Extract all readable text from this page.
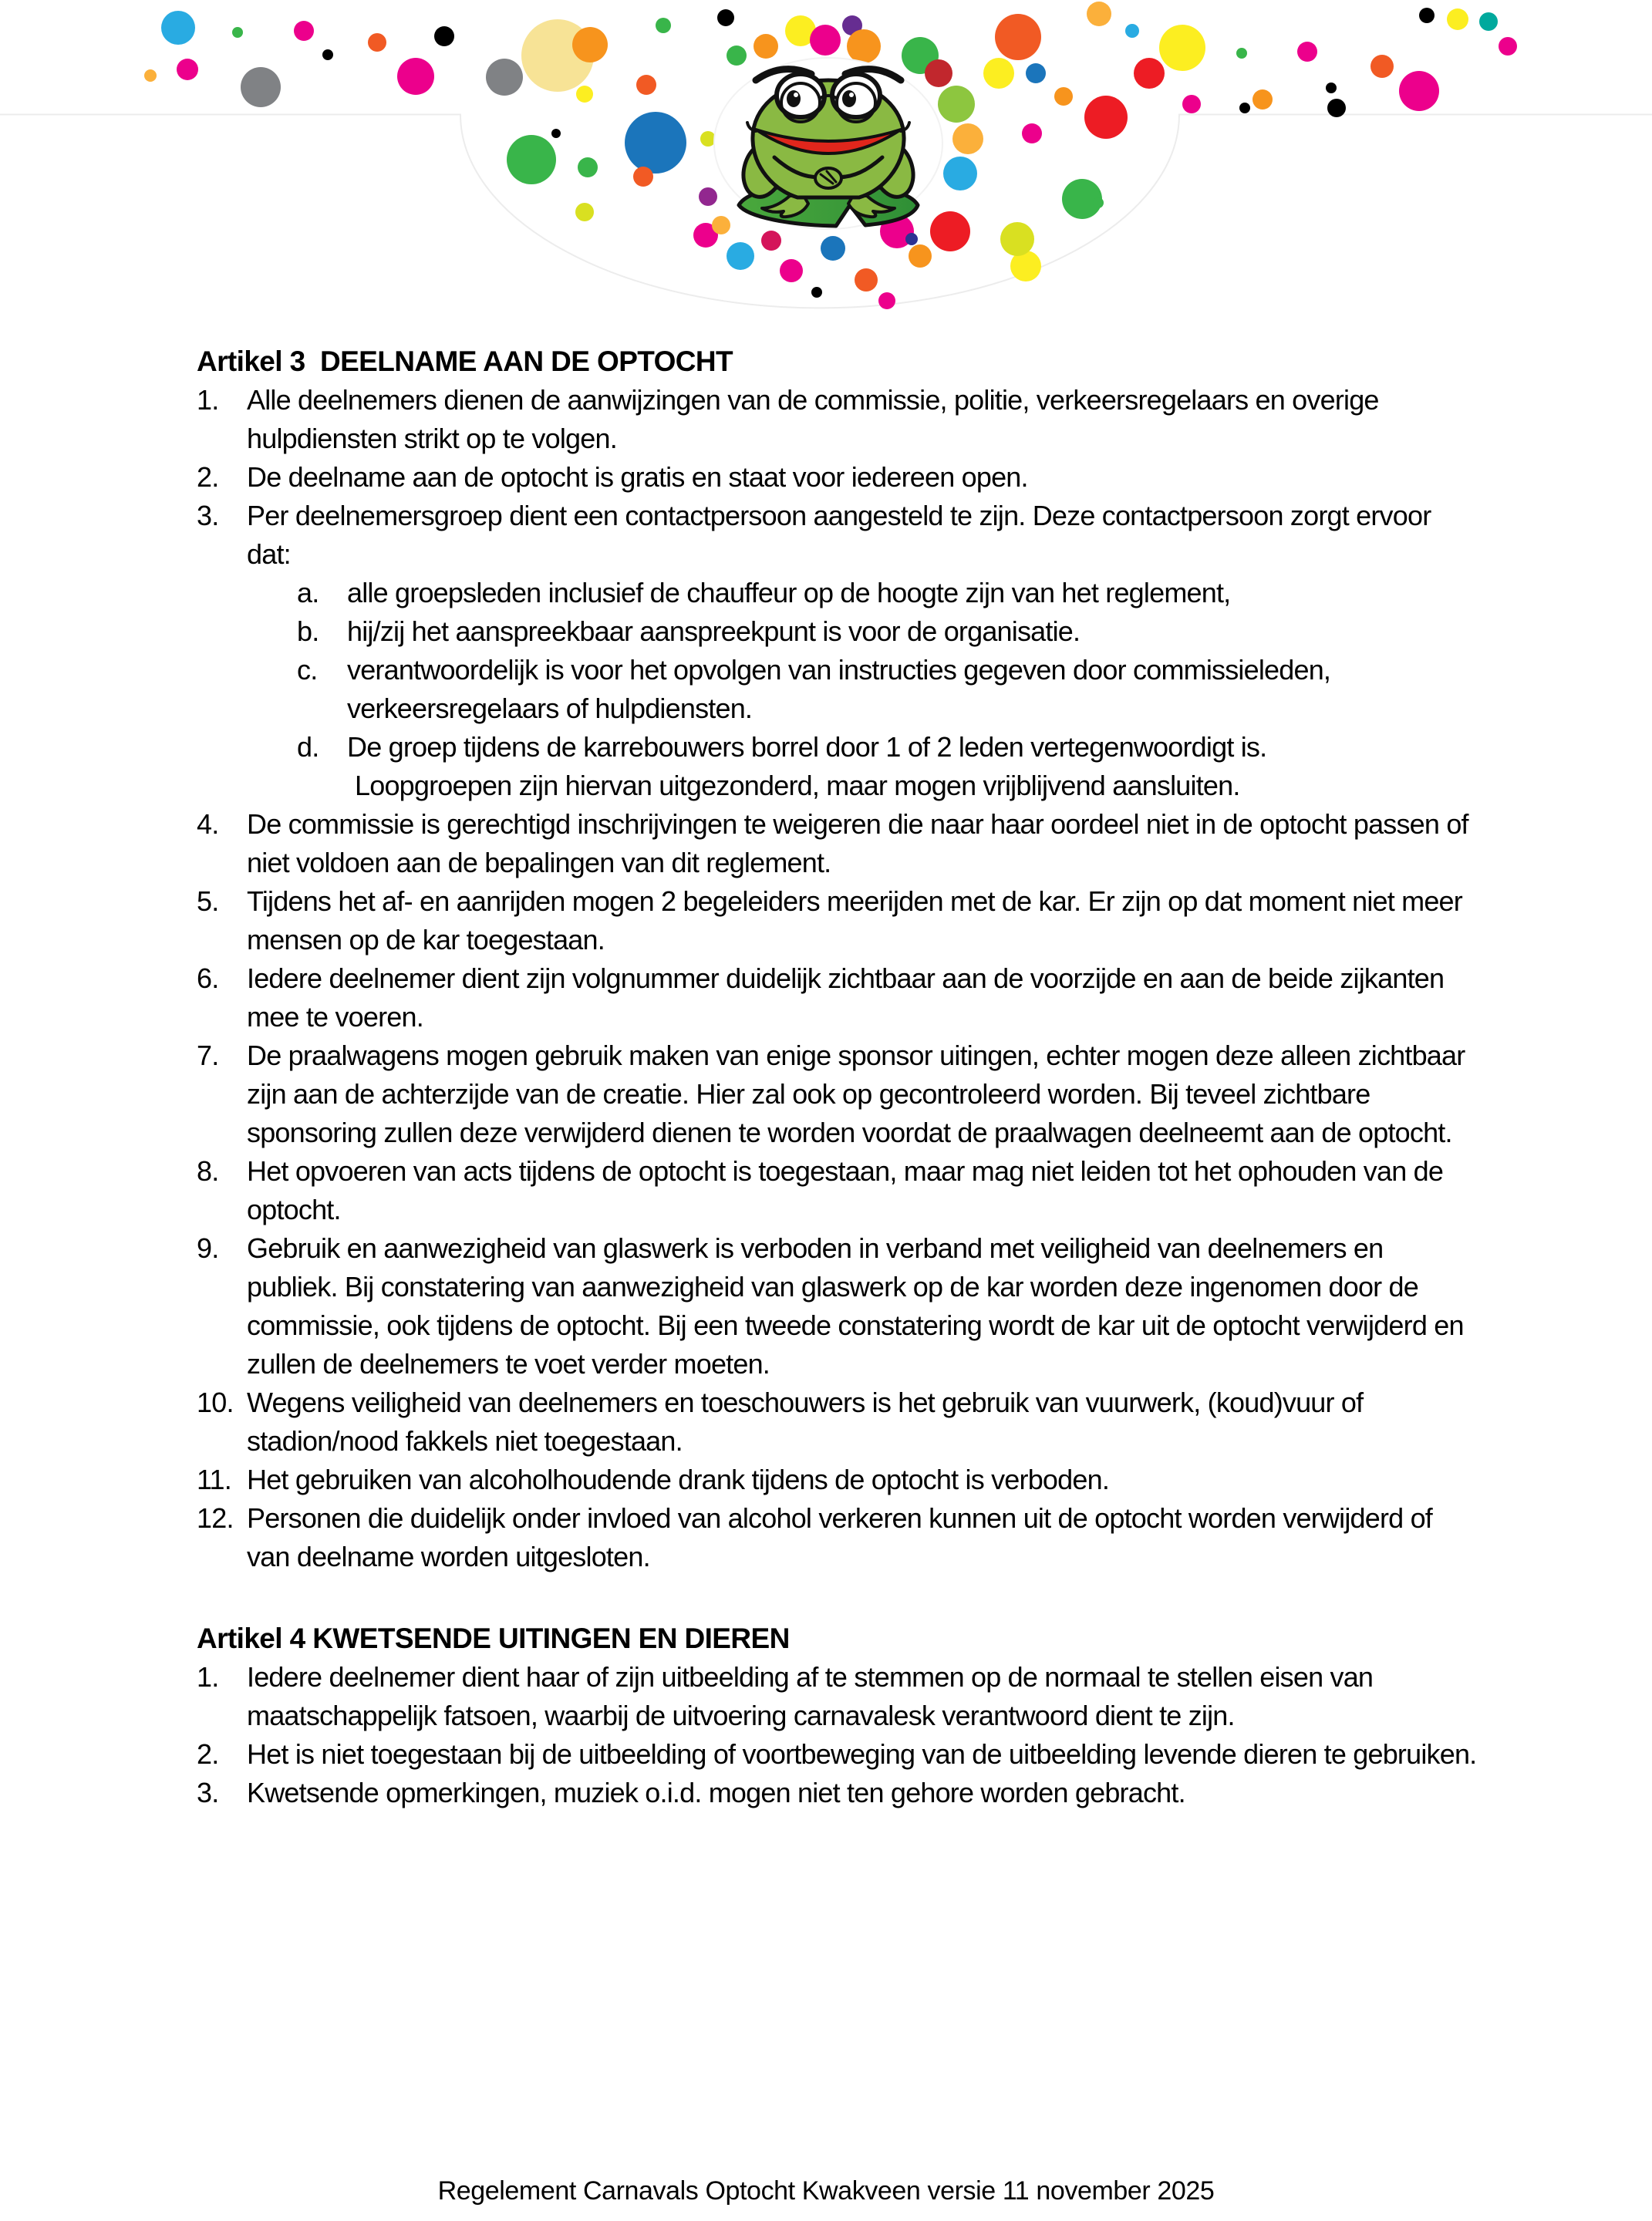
Artikel 3  DEELNAME AAN DE OPTOCHT
1.	Alle deelnemers dienen de aanwijzingen van de commissie, politie, verkeersregelaars en overige hulpdiensten strikt op te volgen.
2.	De deelname aan de optocht is gratis en staat voor iedereen open.
3.	Per deelnemersgroep dient een contactpersoon aangesteld te zijn. Deze contactpersoon zorgt ervoor dat:
a.	alle groepsleden inclusief de chauffeur op de hoogte zijn van het reglement,
b.	hij/zij het aanspreekbaar aanspreekpunt is voor de organisatie.
c.	verantwoordelijk is voor het opvolgen van instructies gegeven door commissieleden, verkeersregelaars of hulpdiensten.
d.	De groep tijdens de karrebouwers borrel door 1 of 2 leden vertegenwoordigt is.
Loopgroepen zijn hiervan uitgezonderd, maar mogen vrijblijvend aansluiten.
4.	De commissie is gerechtigd inschrijvingen te weigeren die naar haar oordeel niet in de optocht passen of niet voldoen aan de bepalingen van dit reglement.
5.	Tijdens het af- en aanrijden mogen 2 begeleiders meerijden met de kar. Er zijn op dat moment niet meer mensen op de kar toegestaan.
6.	Iedere deelnemer dient zijn volgnummer duidelijk zichtbaar aan de voorzijde en aan de beide zijkanten mee te voeren.
7.	De praalwagens mogen gebruik maken van enige sponsor uitingen, echter mogen deze alleen zichtbaar zijn aan de achterzijde van de creatie. Hier zal ook op gecontroleerd worden. Bij teveel zichtbare sponsoring zullen deze verwijderd dienen te worden voordat de praalwagen deelneemt aan de optocht.
8.	Het opvoeren van acts tijdens de optocht is toegestaan, maar mag niet leiden tot het ophouden van de optocht.
9.	Gebruik en aanwezigheid van glaswerk is verboden in verband met veiligheid van deelnemers en publiek. Bij constatering van aanwezigheid van glaswerk op de kar worden deze ingenomen door de commissie, ook tijdens de optocht. Bij een tweede constatering wordt de kar uit de optocht verwijderd en zullen de deelnemers te voet verder moeten.
10. Wegens veiligheid van deelnemers en toeschouwers is het gebruik van vuurwerk, (koud)vuur of stadion/nood fakkels niet toegestaan.
11. Het gebruiken van alcoholhoudende drank tijdens de optocht is verboden.
12. Personen die duidelijk onder invloed van alcohol verkeren kunnen uit de optocht worden verwijderd of van deelname worden uitgesloten.
Artikel 4 KWETSENDE UITINGEN EN DIEREN
1.	Iedere deelnemer dient haar of zijn uitbeelding af te stemmen op de normaal te stellen eisen van maatschappelijk fatsoen, waarbij de uitvoering carnavalesk verantwoord dient te zijn.
2.	Het is niet toegestaan bij de uitbeelding of voortbeweging van de uitbeelding levende dieren te gebruiken.
3.	Kwetsende opmerkingen, muziek o.i.d. mogen niet ten gehore worden gebracht.
Regelement Carnavals Optocht Kwakveen versie 11 november 2025
